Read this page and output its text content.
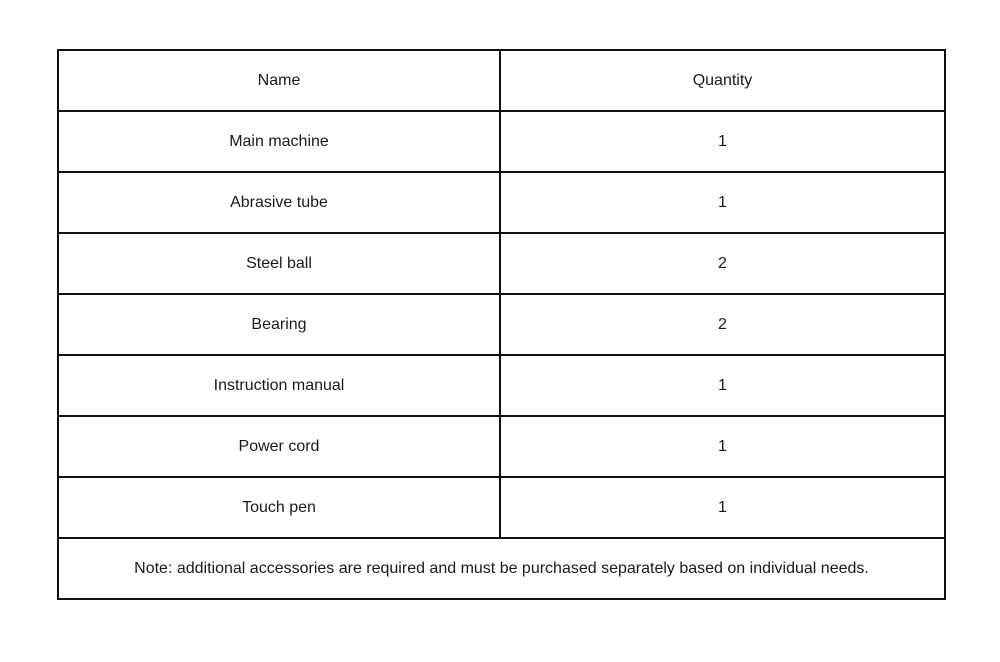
Name	Quantity
Main machine	1
Abrasive tube	1
Steel ball	2
Bearing	2
Instruction manual	1
Power cord	1
Touch pen	1
Note: additional accessories are required and must be purchased separately based on individual needs.	
